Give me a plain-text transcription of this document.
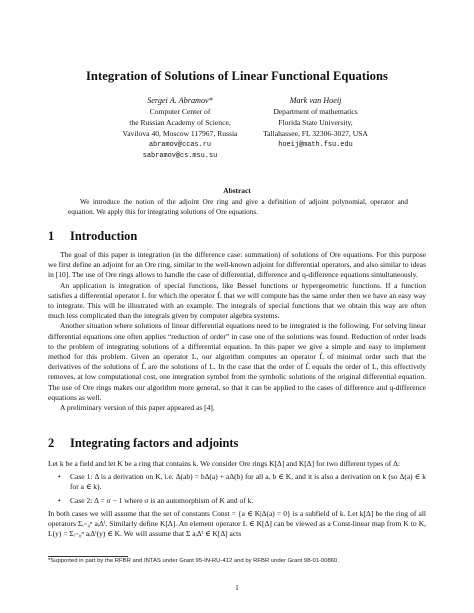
Integration of Solutions of Linear Functional Equations
Sergei A. Abramov*
Computer Center of
the Russian Academy of Science,
Vavilova 40, Moscow 117967, Russia
abramov@ccas.ru
sabramov@cs.msu.su
Mark van Hoeij
Department of mathematics
Florida State University,
Tallahassee, FL 32306-3027, USA
hoeij@math.fsu.edu
Abstract
We introduce the notion of the adjoint Ore ring and give a definition of adjoint polynomial, operator and equation. We apply this for integrating solutions of Ore equations.
1 Introduction

The goal of this paper is integration (in the difference case: summation) of solutions of Ore equations. For this purpose we first define an adjoint for an Ore ring, similar to the well-known adjoint for differential operators, and also similar to ideas in [10]. The use of Ore rings allows to handle the case of differential, difference and q-difference equations simultaneously.

An application is integration of special functions, like Bessel functions or hypergeometric functions. If a function satisfies a differential operator L for which the operator L̃ that we will compute has the same order then we have an easy way to integrate. This will be illustrated with an example. The integrals of special functions that we obtain this way are often much less complicated than the integrals given by computer algebra systems.

Another situation where solutions of linear differential equations need to be integrated is the following. For solving linear differential equations one often applies “reduction of order” in case one of the solutions was found. Reduction of order leads to the problem of integrating solutions of a differential equation. In this paper we give a simple and easy to implement method for this problem. Given an operator L, our algorithm computes an operator L̃ of minimal order such that the derivatives of the solutions of L̃ are the solutions of L. In the case that the order of L̃ equals the order of L, this effectively removes, at low computational cost, one integration symbol from the symbolic solutions of the original differential equation. The use of Ore rings makes our algorithm more general, so that it can be applied to the cases of difference and q-difference equations as well.

A preliminary version of this paper appeared as [4].

2 Integrating factors and adjoints

Let k be a field and let K be a ring that contains k. We consider Ore rings K[Δ] and K[Δ] for two different types of Δ:

• Case 1: Δ is a derivation on K, i.e. Δ(ab) = bΔ(a) + aΔ(b) for all a, b ∈ K, and it is also a derivation on k (so Δ(a) ∈ k for a ∈ k).
• Case 2: Δ = σ − 1 where σ is an automorphism of K and of k.

In both cases we will assume that the set of constants Const = {a ∈ K|Δ(a) = 0} is a subfield of k. Let k[Δ] be the ring of all operators Σᵢ₌₀ⁿ aᵢΔⁱ. Similarly define K[Δ]. An element operator L ∈ K[Δ] can be viewed as a Const-linear map from K to K, L(y) = Σᵢ₌₀ⁿ aᵢΔⁱ(y) ∈ K. We will assume that Σ aᵢΔⁱ ∈ K[Δ] acts

*Supported in part by the RFBR and INTAS under Grant 95-IN-RU-412 and by RFBR under Grant 98-01-00860.
1
